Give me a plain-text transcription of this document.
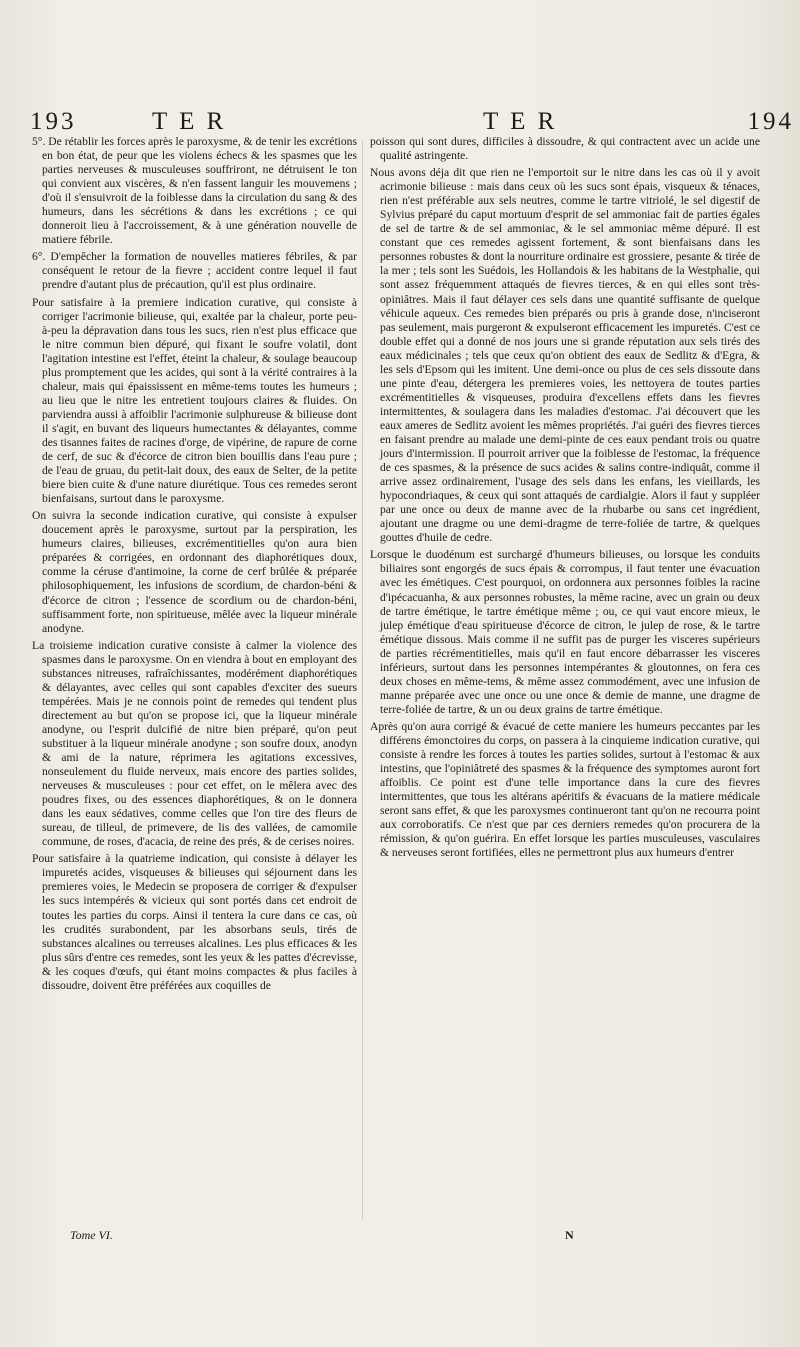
193	T E R	T E R	194

5°. De rétablir les forces après le paroxysme, & de tenir les excrétions en bon état, de peur que les violens échecs & les spasmes que les parties nerveuses & musculeuses souffriront, ne détruisent le ton qui convient aux viscères, & n'en fassent languir les mouvemens ; d'où il s'ensuivroit de la foiblesse dans la circulation du sang & des humeurs, dans les sécrétions & dans les excrétions ; ce qui donneroit lieu à l'accroissement, & à une génération nouvelle de matiere fébrile.

6°. D'empêcher la formation de nouvelles matieres fébriles, & par conséquent le retour de la fievre ; accident contre lequel il faut prendre d'autant plus de précaution, qu'il est plus ordinaire.

Pour satisfaire à la premiere indication curative, qui consiste à corriger l'acrimonie bilieuse, qui, exaltée par la chaleur, porte peu-à-peu la dépravation dans tous les sucs, rien n'est plus efficace que le nitre commun bien dépuré, qui fixant le soufre volatil, dont l'agitation intestine est l'effet, éteint la chaleur, & soulage beaucoup plus promptement que les acides, qui sont à la vérité contraires à la chaleur, mais qui épaississent en même-tems toutes les humeurs ; au lieu que le nitre les entretient toujours claires & fluides. On parviendra aussi à affoiblir l'acrimonie sulphureuse & bilieuse dont il s'agit, en buvant des liqueurs humectantes & délayantes, comme des tisannes faites de racines d'orge, de vipérine, de rapure de corne de cerf, de suc & d'écorce de citron bien bouillis dans l'eau pure ; de l'eau de gruau, du petit-lait doux, des eaux de Selter, de la petite biere bien cuite & d'une nature diurétique. Tous ces remedes seront bienfaisans, surtout dans le paroxysme.

On suivra la seconde indication curative, qui consiste à expulser doucement après le paroxysme, surtout par la perspiration, les humeurs claires, bilieuses, excrémentitielles qu'on aura bien préparées & corrigées, en ordonnant des diaphorétiques doux, comme la céruse d'antimoine, la corne de cerf brûlée & préparée philosophiquement, les infusions de scordium, de chardon-béni & d'écorce de citron ; l'essence de scordium ou de chardon-béni, suffisamment forte, non spiritueuse, mêlée avec la liqueur minérale anodyne.

La troisieme indication curative consiste à calmer la violence des spasmes dans le paroxysme. On en viendra à bout en employant des substances nitreuses, rafraîchissantes, modérément diaphorétiques & délayantes, avec celles qui sont capables d'exciter des sueurs tempérées. Mais je ne connois point de remedes qui tendent plus directement au but qu'on se propose ici, que la liqueur minérale anodyne, ou l'esprit dulcifié de nitre bien préparé, qu'on peut substituer à la liqueur minérale anodyne ; son soufre doux, anodyn & ami de la nature, réprimera les agitations excessives, nonseulement du fluide nerveux, mais encore des parties solides, nerveuses & musculeuses : pour cet effet, on le mêlera avec des poudres fixes, ou des essences diaphorétiques, & on le donnera dans les eaux sédatives, comme celles que l'on tire des fleurs de sureau, de tilleul, de primevere, de lis des vallées, de camomile commune, de roses, d'acacia, de reine des prés, & de cerises noires.

Pour satisfaire à la quatrieme indication, qui consiste à délayer les impuretés acides, visqueuses & bilieuses qui séjournent dans les premieres voies, le Medecin se proposera de corriger & d'expulser les sucs intempérés & vicieux qui sont portés dans cet endroit de toutes les parties du corps. Ainsi il tentera la cure dans ce cas, où les crudités surabondent, par les absorbans seuls, tirés de substances alcalines ou terreuses alcalines. Les plus efficaces & les plus sûrs d'entre ces remedes, sont les yeux & les pattes d'écrevisse, & les coques d'œufs, qui étant moins compactes & plus faciles à dissoudre, doivent être préférées aux coquilles de

poisson qui sont dures, difficiles à dissoudre, & qui contractent avec un acide une qualité astringente.

Nous avons déja dit que rien ne l'emportoit sur le nitre dans les cas où il y avoit acrimonie bilieuse : mais dans ceux où les sucs sont épais, visqueux & ténaces, rien n'est préférable aux sels neutres, comme le tartre vitriolé, le sel digestif de Sylvius préparé du caput mortuum d'esprit de sel ammoniac fait de parties égales de sel de tartre & de sel ammoniac, & le sel ammoniac même dépuré. Il est constant que ces remedes agissent fortement, & sont bienfaisans dans les personnes robustes & dont la nourriture ordinaire est grossiere, pesante & tirée de la mer ; tels sont les Suédois, les Hollandois & les habitans de la Westphalie, qui sont assez fréquemment attaqués de fievres tierces, & en qui elles sont très-opiniâtres. Mais il faut délayer ces sels dans une quantité suffisante de quelque véhicule aqueux. Ces remedes bien préparés ou pris à grande dose, n'inciseront pas seulement, mais purgeront & expulseront efficacement les impuretés. C'est ce double effet qui a donné de nos jours une si grande réputation aux sels tirés des eaux médicinales ; tels que ceux qu'on obtient des eaux de Sedlitz & d'Egra, & les sels d'Epsom qui les imitent. Une demi-once ou plus de ces sels dissoute dans une pinte d'eau, détergera les premieres voies, les nettoyera de toutes parties excrémentitielles & visqueuses, produira d'excellens effets dans les fievres intermittentes, & soulagera dans les maladies d'estomac. J'ai découvert que les eaux ameres de Sedlitz avoient les mêmes propriétés. J'ai guéri des fievres tierces en faisant prendre au malade une demi-pinte de ces eaux pendant trois ou quatre jours d'intermission. Il pourroit arriver que la foiblesse de l'estomac, la fréquence de ces spasmes, & la présence de sucs acides & salins contre-indiquât, comme il arrive assez ordinairement, l'usage des sels dans les enfans, les vieillards, les hypocondriaques, & ceux qui sont attaqués de cardialgie. Alors il faut y suppléer par une once ou deux de manne avec de la rhubarbe ou sans cet ingrédient, ajoutant une dragme ou une demi-dragme de terre-foliée de tartre, & quelques gouttes d'huile de cedre.

Lorsque le duodénum est surchargé d'humeurs bilieuses, ou lorsque les conduits biliaires sont engorgés de sucs épais & corrompus, il faut tenter une évacuation avec les émétiques. C'est pourquoi, on ordonnera aux personnes foibles la racine d'ipécacuanha, & aux personnes robustes, la même racine, avec un grain ou deux de tartre émétique, le tartre émétique même ; ou, ce qui vaut encore mieux, le julep émétique d'eau spiritueuse d'écorce de citron, le julep de rose, & le tartre émétique dissous. Mais comme il ne suffit pas de purger les visceres supérieurs de parties récrémentitielles, mais qu'il en faut encore débarrasser les visceres inférieurs, surtout dans les personnes intempérantes & gloutonnes, on fera ces deux choses en même-tems, & même assez commodément, avec une infusion de manne préparée avec une once ou une once & demie de manne, une dragme de terre-foliée de tartre, & un ou deux grains de tartre émétique.

Après qu'on aura corrigé & évacué de cette maniere les humeurs peccantes par les différens émonctoires du corps, on passera à la cinquieme indication curative, qui consiste à rendre les forces à toutes les parties solides, surtout à l'estomac & aux intestins, que l'opiniâtreté des spasmes & la fréquence des symptomes auront fort affoiblis. Ce point est d'une telle importance dans la cure des fievres intermittentes, que tous les altérans apéritifs & évacuans de la matiere médicale seront sans effet, & que les paroxysmes continueront tant qu'on ne recourra point aux corroboratifs. Ce n'est que par ces derniers remedes qu'on procurera de la rémission, & qu'on guérira. En effet lorsque les parties musculeuses, vasculaires & nerveuses seront fortifiées, elles ne permettront plus aux humeurs d'entrer

Tome VI.	N
